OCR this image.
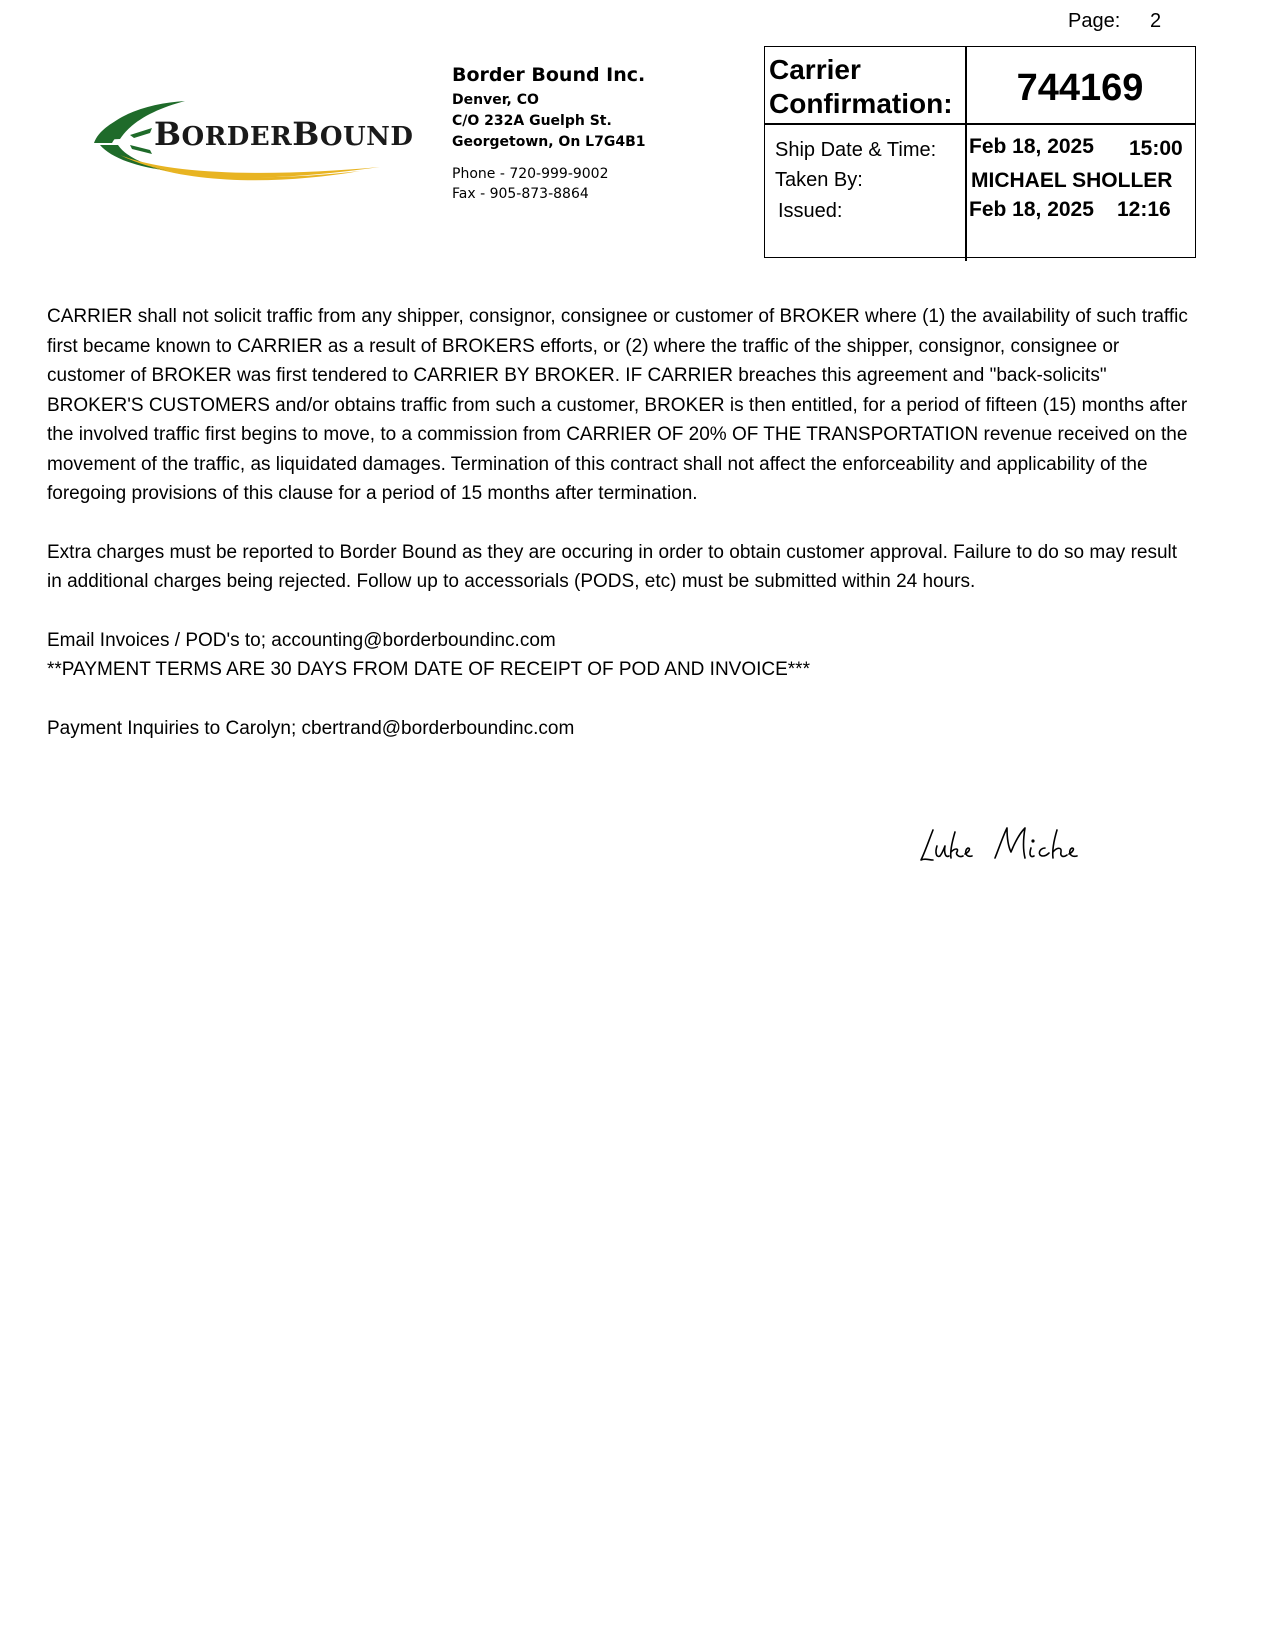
Page: 2
BORDERBOUND
Border Bound Inc.
Denver, CO
C/O 232A Guelph St.
Georgetown, On L7G4B1
Phone - 720-999-9002
Fax - 905-873-8864
Carrier
Confirmation:	744169
Ship Date & Time: Feb 18, 2025 15:00
Taken By:	MICHAEL SHOLLER
Issued:	Feb 18, 2025 12:16

CARRIER shall not solicit traffic from any shipper, consignor, consignee or customer of BROKER where (1) the availability of such traffic first became known to CARRIER as a result of BROKERS efforts, or (2) where the traffic of the shipper, consignor, consignee or customer of BROKER was first tendered to CARRIER BY BROKER. IF CARRIER breaches this agreement and "back-solicits" BROKER'S CUSTOMERS and/or obtains traffic from such a customer, BROKER is then entitled, for a period of fifteen (15) months after the involved traffic first begins to move, to a commission from CARRIER OF 20% OF THE TRANSPORTATION revenue received on the movement of the traffic, as liquidated damages. Termination of this contract shall not affect the enforceability and applicability of the foregoing provisions of this clause for a period of 15 months after termination.

Extra charges must be reported to Border Bound as they are occuring in order to obtain customer approval. Failure to do so may result in additional charges being rejected. Follow up to accessorials (PODS, etc) must be submitted within 24 hours.

Email Invoices / POD's to; accounting@borderboundinc.com

**PAYMENT TERMS ARE 30 DAYS FROM DATE OF RECEIPT OF POD AND INVOICE***

Payment Inquiries to Carolyn; cbertrand@borderboundinc.com
